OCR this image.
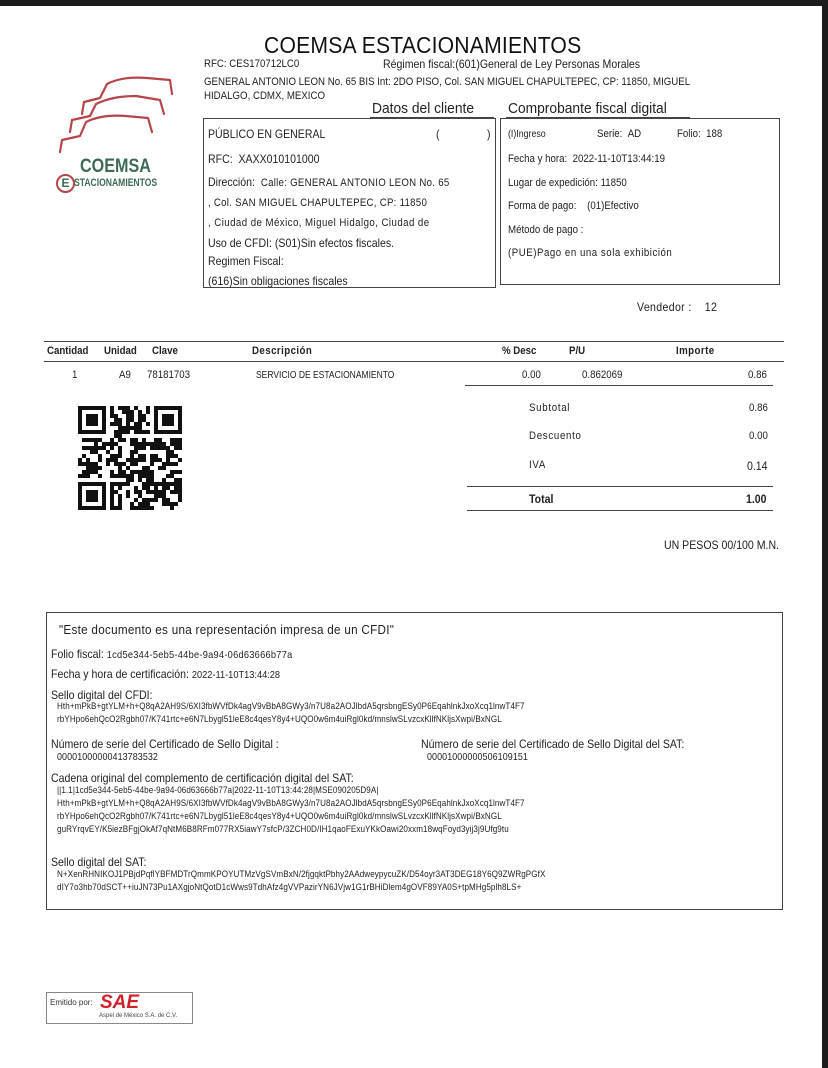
COEMSA
E STACIONAMIENTOS
COEMSA ESTACIONAMIENTOS
RFC: CES170712LC0	Régimen fiscal:(601)General de Ley Personas Morales
GENERAL ANTONIO LEON No. 65 BIS Int: 2DO PISO, Col. SAN MIGUEL CHAPULTEPEC, CP: 11850, MIGUEL
HIDALGO, CDMX, MEXICO
Datos del cliente Comprobante fiscal digital
PÚBLICO EN GENERAL	(	)
RFC: XAXX010101000
Dirección: Calle: GENERAL ANTONIO LEON No. 65
, Col. SAN MIGUEL CHAPULTEPEC, CP: 11850
, Ciudad de México, Miguel Hidalgo, Ciudad de
Uso de CFDI: (S01)Sin efectos fiscales.
Regimen Fiscal:
(616)Sin obligaciones fiscales
(I)Ingreso	Serie: AD	Folio: 188
Fecha y hora: 2022-11-10T13:44:19
Lugar de expedición: 11850
Forma de pago: (01)Efectivo
Método de pago :
(PUE)Pago en una sola exhibición
Vendedor : 12
Cantidad Unidad Clave	Descripción	% Desc	P/U	Importe
1	A9 78181703	SERVICIO DE ESTACIONAMIENTO	0.00	0.862069	0.86
Subtotal	0.86
Descuento	0.00
IVA	0.14
Total	1.00
UN PESOS 00/100 M.N.
"Este documento es una representación impresa de un CFDI"
Folio fiscal: 1cd5e344-5eb5-44be-9a94-06d63666b77a
Fecha y hora de certificación: 2022-11-10T13:44:28
Sello digital del CFDI:
Hth+mPkB+gtYLM+h+Q8qA2AH9S/6XI3fbWVfDk4agV9vBbA8GWy3/n7U8a2AOJlbdA5qrsbngESy0P6EqahlnkJxoXcq1lnwT4F7
rbYHpo6ehQcO2Rgbh07/K741rtc+e6N7Lbygl51leE8c4qesY8y4+UQO0w6m4uiRgl0kd/mnslwSLvzcxKllfNKljsXwpi/BxNGL
Número de serie del Certificado de Sello Digital :
00001000000413783532
Número de serie del Certificado de Sello Digital del SAT:
00001000000506109151
Cadena original del complemento de certificación digital del SAT:
||1.1|1cd5e344-5eb5-44be-9a94-06d63666b77a|2022-11-10T13:44:28|MSE090205D9A|
Hth+mPkB+gtYLM+h+Q8qA2AH9S/6XI3fbWVfDk4agV9vBbA8GWy3/n7U8a2AOJlbdA5qrsbngESy0P6EqahlnkJxoXcq1lnwT4F7
rbYHpo6ehQcO2Rgbh07/K741rtc+e6N7Lbygl51leE8c4qesY8y4+UQO0w6m4uiRgl0kd/mnslwSLvzcxKllfNKljsXwpi/BxNGL
guRYrqvEY/K5iezBFgjOkAf7qNtM6B8RFm077RX5iawY7sfcP/3ZCH0D/IH1qaoFExuYKkOawi20xxm18wqFoyd3yij3j9Ufg9tu
Sello digital del SAT:
N+XenRHNIKOJ1PBjdPqflYBFMDTrQmmKPOYUTMzVgSVmBxN/2fjgqktPbhy2AAdweypycuZK/D54oyr3AT3DEG18Y6Q9ZWRgPGfX
dIY7o3hb70dSCT++iuJN73Pu1AXgjoNtQotD1cWws9TdhAfz4gVVPazirYN6JVjw1G1rBHiDlem4gOVF89YA0S+tpMHg5plh8LS+
Emitido por: SAE
Aspel de México S.A. de C.V.
